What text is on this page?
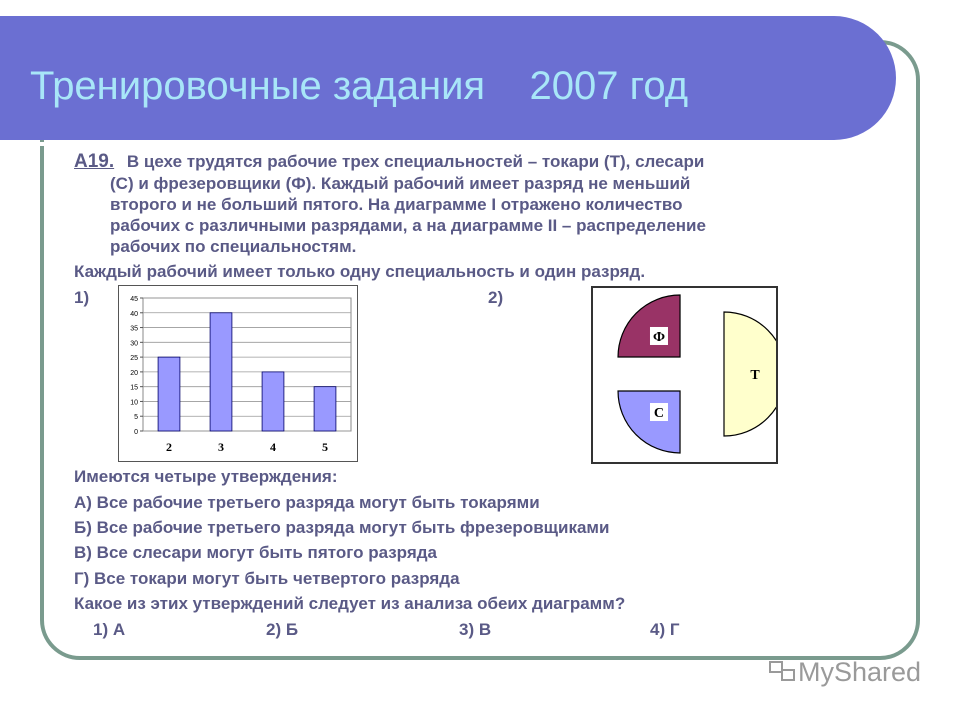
Тренировочные задания    2007 год
А19. В цехе трудятся рабочие трех специальностей – токари (Т), слесари
(С) и фрезеровщики (Ф). Каждый рабочий имеет разряд не меньший
второго и не больший пятого. На диаграмме I отражено количество
рабочих с различными разрядами, а на диаграмме II – распределение
рабочих по специальностям.
Каждый рабочий имеет только одну специальность и один разряд.
1)	2)
0
5
10
15
20
25
30
35
40
45
2	3	4	5
Т
С
Ф
Имеются четыре утверждения:
А) Все рабочие третьего разряда могут быть токарями
Б) Все рабочие третьего разряда могут быть фрезеровщиками
В) Все слесари могут быть пятого разряда
Г) Все токари могут быть четвертого разряда
Какое из этих утверждений следует из анализа обеих диаграмм?
1) А	2) Б	3) В	4) Г
MyShared
